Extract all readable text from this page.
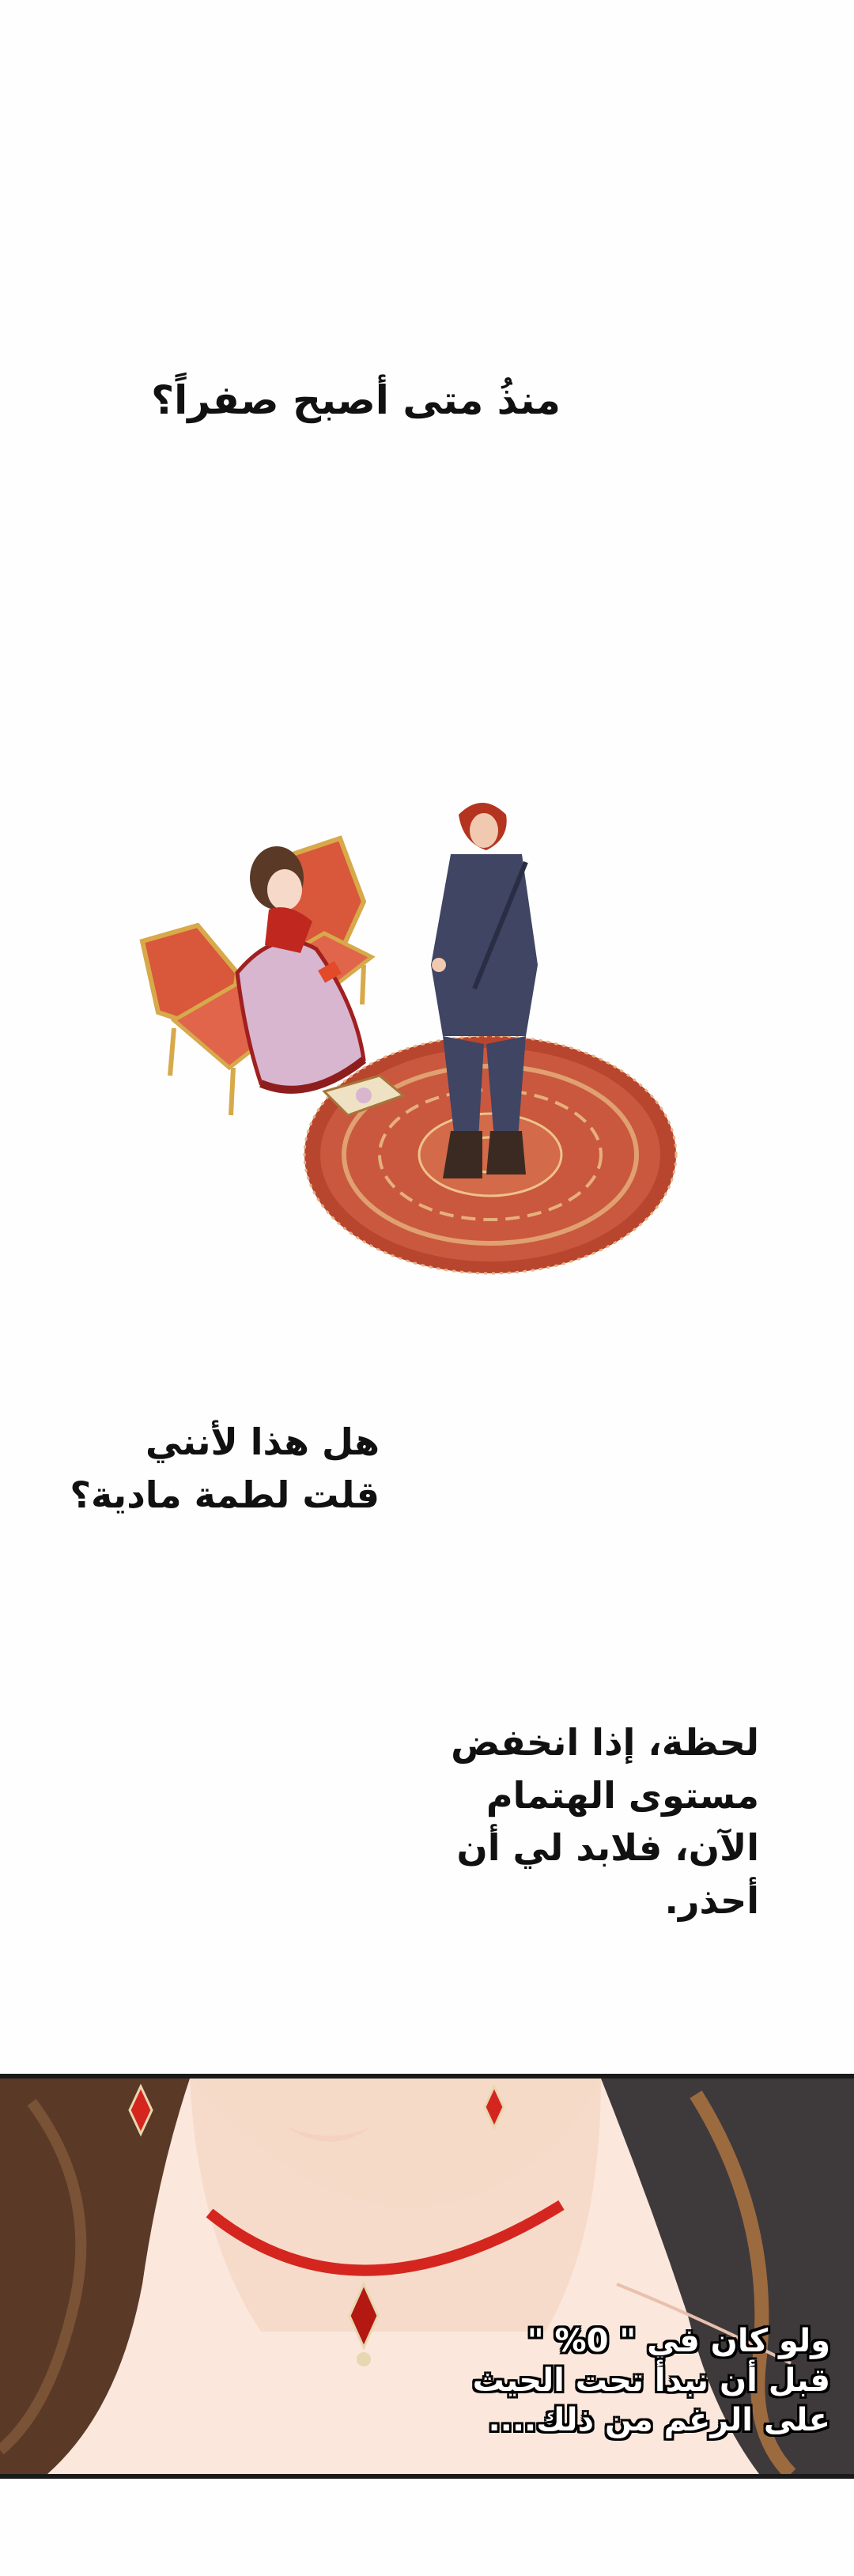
منذُ متى أصبح صفراً؟
هل هذا لأنني
قلت لطمة مادية؟
لحظة، إذا انخفض
مستوى الهتمام
الآن، فلابد لي أن
أحذر.
ولو كان في " 0% "
قبل أن نبدأ تحت الحيث
على الرغم من ذلك....
